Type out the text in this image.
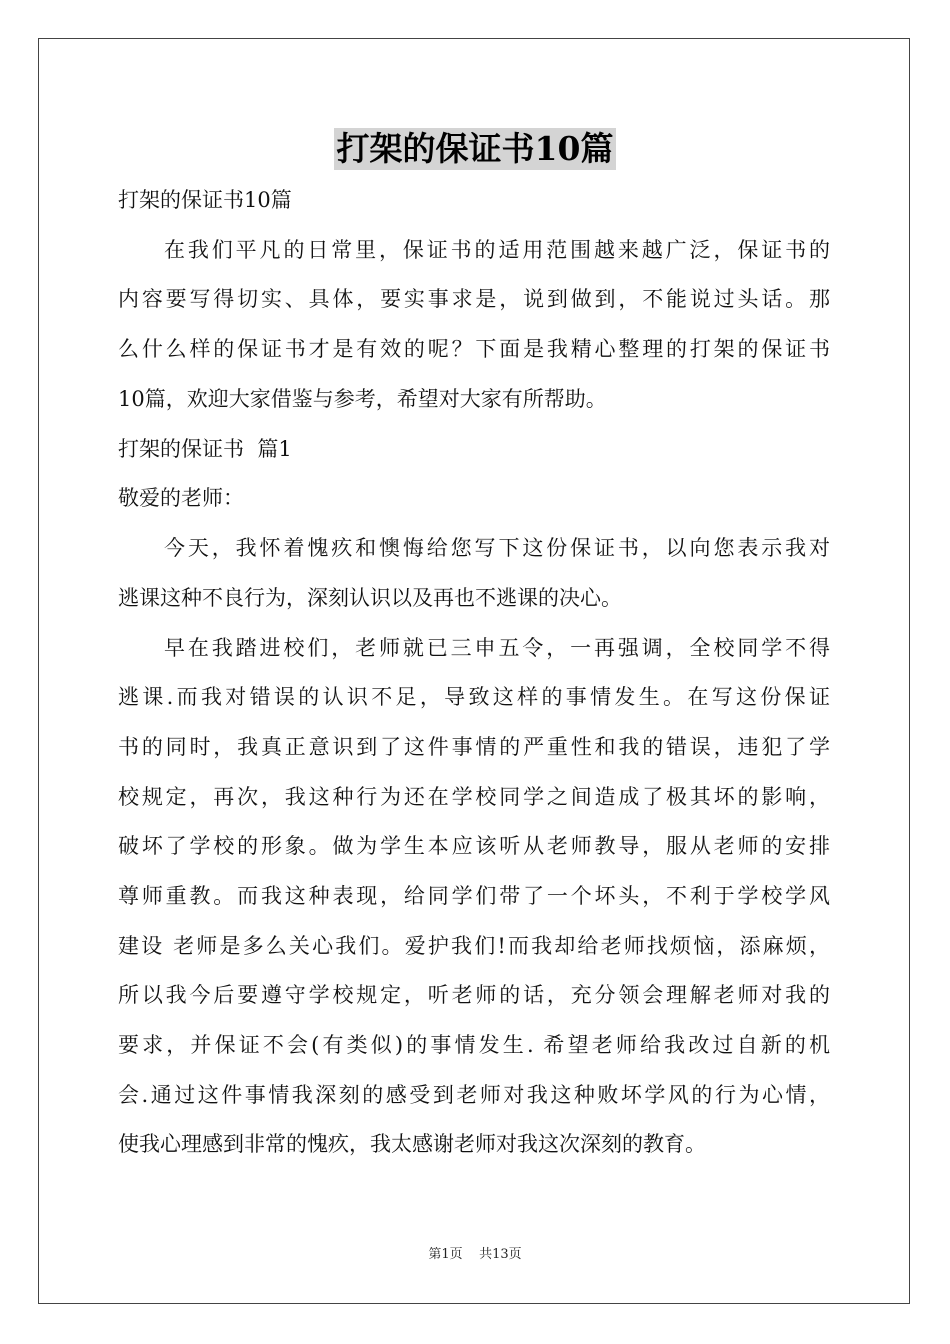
打架的保证书10篇

打架的保证书10篇

在我们平凡的日常里，保证书的适用范围越来越广泛，保证书的

内容要写得切实、具体，要实事求是，说到做到，不能说过头话。那

么什么样的保证书才是有效的呢？下面是我精心整理的打架的保证书

10篇，欢迎大家借鉴与参考，希望对大家有所帮助。

打架的保证书  篇1

敬爱的老师：

今天，我怀着愧疚和懊悔给您写下这份保证书，以向您表示我对

逃课这种不良行为，深刻认识以及再也不逃课的决心。

早在我踏进校们，老师就已三申五令，一再强调，全校同学不得

逃课.而我对错误的认识不足，导致这样的事情发生。在写这份保证

书的同时，我真正意识到了这件事情的严重性和我的错误，违犯了学

校规定，再次，我这种行为还在学校同学之间造成了极其坏的影响，

破坏了学校的形象。做为学生本应该听从老师教导，服从老师的安排

尊师重教。而我这种表现，给同学们带了一个坏头，不利于学校学风

建设 老师是多么关心我们。爱护我们!而我却给老师找烦恼，添麻烦，

所以我今后要遵守学校规定，听老师的话，充分领会理解老师对我的

要求，并保证不会(有类似)的事情发生. 希望老师给我改过自新的机

会.通过这件事情我深刻的感受到老师对我这种败坏学风的行为心情，

使我心理感到非常的愧疚，我太感谢老师对我这次深刻的教育。

第1页 共13页
